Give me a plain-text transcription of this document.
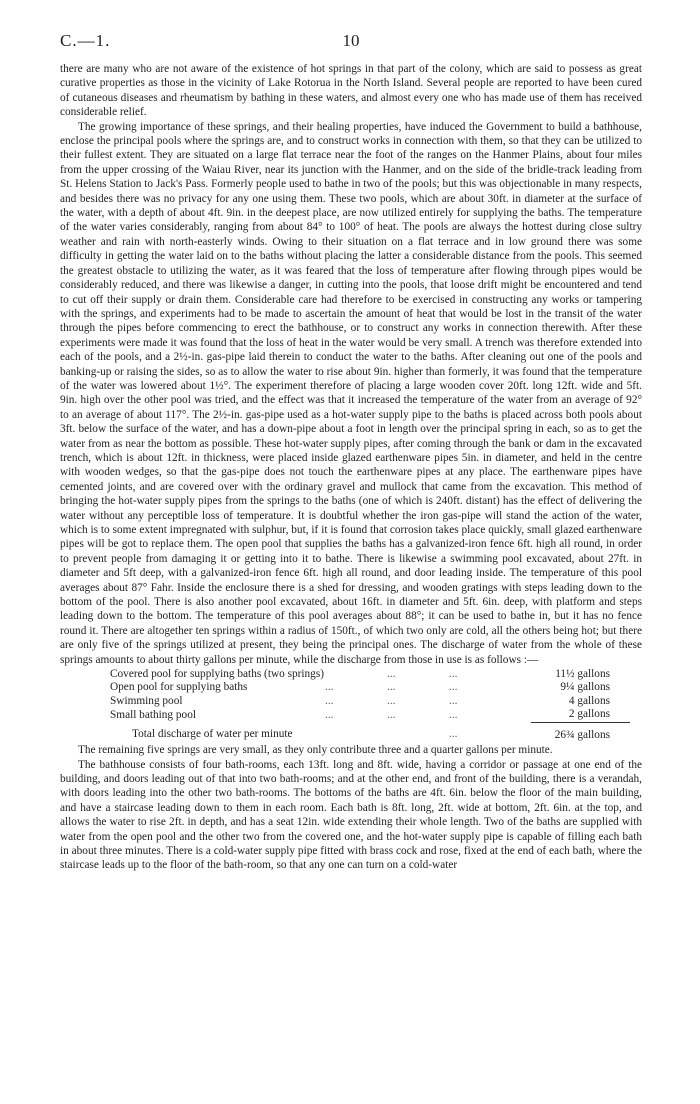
C.—1.	10

there are many who are not aware of the existence of hot springs in that part of the colony, which are said to possess as great curative properties as those in the vicinity of Lake Rotorua in the North Island. Several people are reported to have been cured of cutaneous diseases and rheumatism by bathing in these waters, and almost every one who has made use of them has received considerable relief.

The growing importance of these springs, and their healing properties, have induced the Government to build a bathhouse, enclose the principal pools where the springs are, and to construct works in connection with them, so that they can be utilized to their fullest extent. They are situated on a large flat terrace near the foot of the ranges on the Hanmer Plains, about four miles from the upper crossing of the Waiau River, near its junction with the Hanmer, and on the side of the bridle-track leading from St. Helens Station to Jack's Pass. Formerly people used to bathe in two of the pools; but this was objectionable in many respects, and besides there was no privacy for any one using them. These two pools, which are about 30ft. in diameter at the surface of the water, with a depth of about 4ft. 9in. in the deepest place, are now utilized entirely for supplying the baths. The temperature of the water varies considerably, ranging from about 84° to 100° of heat. The pools are always the hottest during close sultry weather and rain with north-easterly winds. Owing to their situation on a flat terrace and in low ground there was some difficulty in getting the water laid on to the baths without placing the latter a considerable distance from the pools. This seemed the greatest obstacle to utilizing the water, as it was feared that the loss of temperature after flowing through pipes would be considerably reduced, and there was likewise a danger, in cutting into the pools, that loose drift might be encountered and tend to cut off their supply or drain them. Considerable care had therefore to be exercised in constructing any works or tampering with the springs, and experiments had to be made to ascertain the amount of heat that would be lost in the transit of the water through the pipes before commencing to erect the bathhouse, or to construct any works in connection therewith. After these experiments were made it was found that the loss of heat in the water would be very small. A trench was therefore extended into each of the pools, and a 2½-in. gas-pipe laid therein to conduct the water to the baths. After cleaning out one of the pools and banking-up or raising the sides, so as to allow the water to rise about 9in. higher than formerly, it was found that the temperature of the water was lowered about 1½°. The experiment therefore of placing a large wooden cover 20ft. long 12ft. wide and 5ft. 9in. high over the other pool was tried, and the effect was that it increased the temperature of the water from an average of 92° to an average of about 117°. The 2½-in. gas-pipe used as a hot-water supply pipe to the baths is placed across both pools about 3ft. below the surface of the water, and has a down-pipe about a foot in length over the principal spring in each, so as to get the water from as near the bottom as possible. These hot-water supply pipes, after coming through the bank or dam in the excavated trench, which is about 12ft. in thickness, were placed inside glazed earthenware pipes 5in. in diameter, and held in the centre with wooden wedges, so that the gas-pipe does not touch the earthenware pipes at any place. The earthenware pipes have cemented joints, and are covered over with the ordinary gravel and mullock that came from the excavation. This method of bringing the hot-water supply pipes from the springs to the baths (one of which is 240ft. distant) has the effect of delivering the water without any perceptible loss of temperature. It is doubtful whether the iron gas-pipe will stand the action of the water, which is to some extent impregnated with sulphur, but, if it is found that corrosion takes place quickly, small glazed earthenware pipes will be got to replace them. The open pool that supplies the baths has a galvanized-iron fence 6ft. high all round, in order to prevent people from damaging it or getting into it to bathe. There is likewise a swimming pool excavated, about 27ft. in diameter and 5ft deep, with a galvanized-iron fence 6ft. high all round, and door leading inside. The temperature of this pool averages about 87° Fahr. Inside the enclosure there is a shed for dressing, and wooden gratings with steps leading down to the bottom of the pool. There is also another pool excavated, about 16ft. in diameter and 5ft. 6in. deep, with platform and steps leading down to the bottom. The temperature of this pool averages about 88°; it can be used to bathe in, but it has no fence round it. There are altogether ten springs within a radius of 150ft., of which two only are cold, all the others being hot; but there are only five of the springs utilized at present, they being the principal ones. The discharge of water from the whole of these springs amounts to about thirty gallons per minute, while the discharge from those in use is as follows :—

Covered pool for supplying baths (two springs)		...	...	11½ gallons
Open pool for supplying baths	...	...	...	9¼ gallons
Swimming pool	...	...	...	4 gallons
Small bathing pool	...	...	...	2 gallons
Total discharge of water per minute			...	26¾ gallons

The remaining five springs are very small, as they only contribute three and a quarter gallons per minute.

The bathhouse consists of four bath-rooms, each 13ft. long and 8ft. wide, having a corridor or passage at one end of the building, and doors leading out of that into two bath-rooms; and at the other end, and front of the building, there is a verandah, with doors leading into the other two bath-rooms. The bottoms of the baths are 4ft. 6in. below the floor of the main building, and have a staircase leading down to them in each room. Each bath is 8ft. long, 2ft. wide at bottom, 2ft. 6in. at the top, and allows the water to rise 2ft. in depth, and has a seat 12in. wide extending their whole length. Two of the baths are supplied with water from the open pool and the other two from the covered one, and the hot-water supply pipe is capable of filling each bath in about three minutes. There is a cold-water supply pipe fitted with brass cock and rose, fixed at the end of each bath, where the staircase leads up to the floor of the bath-room, so that any one can turn on a cold-water
